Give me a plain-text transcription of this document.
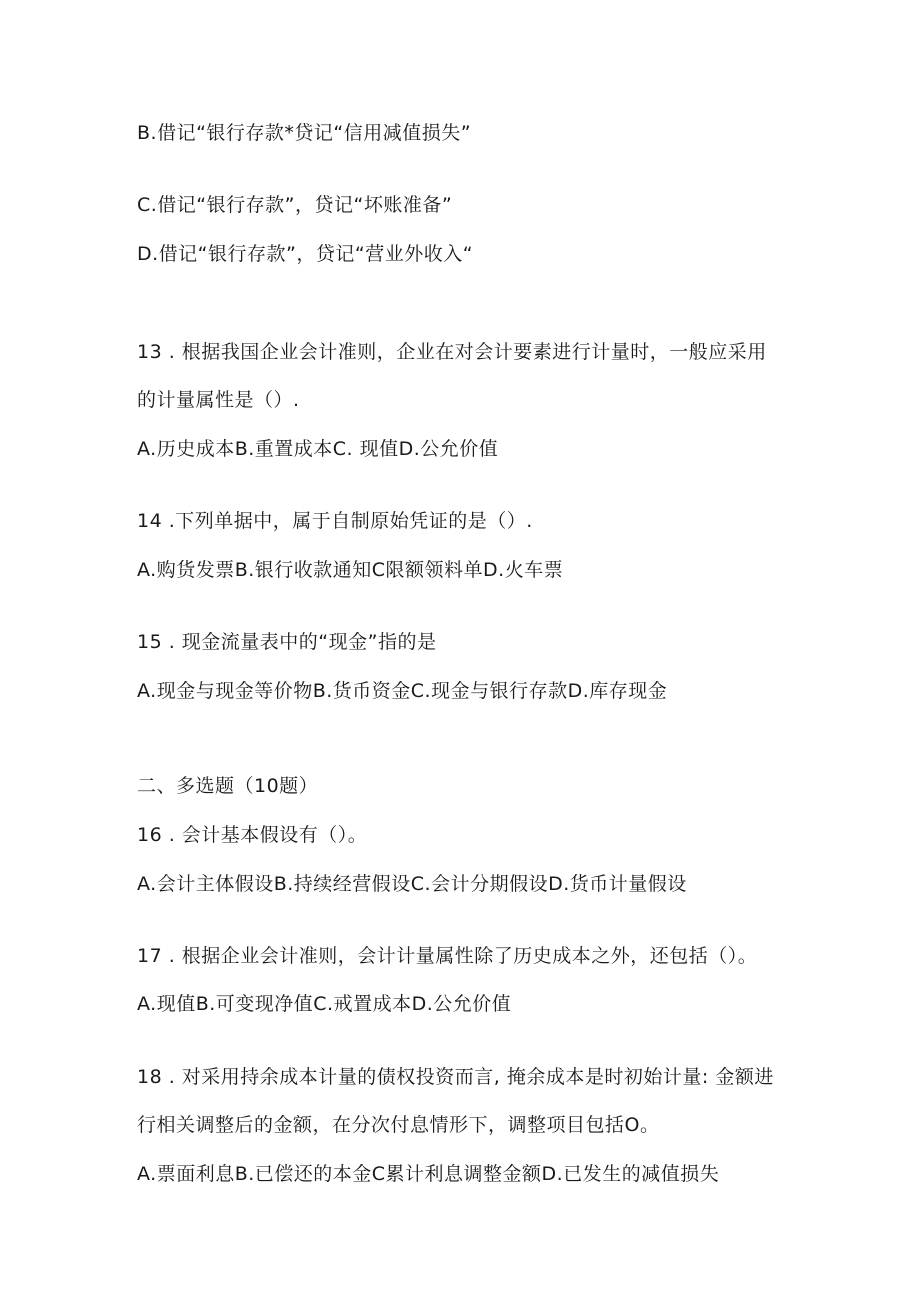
B.借记“银行存款*贷记“信用减值损失”
C.借记“银行存款”，贷记“坏账准备”
D.借记“银行存款”，贷记“营业外收入“
13 . 根据我国企业会计准则，企业在对会计要素进行计量时，一般应采用
的计量属性是（）.
A.历史成本B.重置成本C. 现值D.公允价值
14 .下列单据中，属于自制原始凭证的是（）.
A.购货发票B.银行收款通知C限额领料单D.火车票
15 . 现金流量表中的“现金”指的是
A.现金与现金等价物B.货币资金C.现金与银行存款D.库存现金
二、多选题（10题）
16 . 会计基本假设有（）。
A.会计主体假设B.持续经营假设C.会计分期假设D.货币计量假设
17 . 根据企业会计准则，会计计量属性除了历史成本之外，还包括（）。
A.现值B.可变现净值C.戒置成本D.公允价值
18 . 对采用持余成本计量的债权投资而言, 掩余成本是时初始计量: 金额进
行相关调整后的金额，在分次付息情形下，调整项目包括O。
A.票面利息B.已偿还的本金C累计利息调整金额D.已发生的减值损失
